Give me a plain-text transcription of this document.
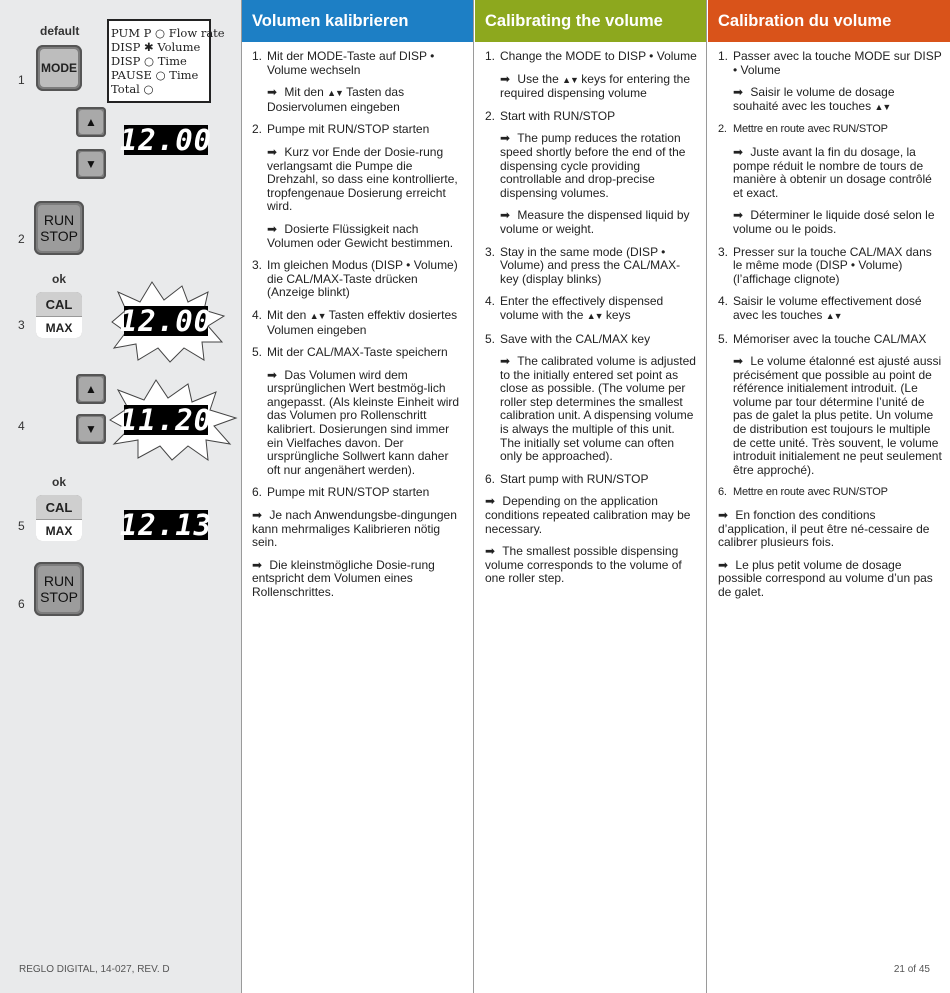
default
1
MODE
PUM P ○ Flow rate
DISP ✱ Volume
DISP ○ Time
PAUSE ○ Time
Total ○
▲
▼
12.00
2
RUN
STOP
ok
3
CAL
MAX	12.00
4
▲
▼ 11.20
ok
5
CAL
MAX	12.13
6
RUN
STOP
REGLO DIGITAL, 14-027, REV. D
Volumen kalibrieren
1. Mit der MODE-Taste auf DISP • Volume wechseln
➡ Mit den ▲▼ Tasten das Dosiervolumen eingeben
2. Pumpe mit RUN/STOP starten
➡ Kurz vor Ende der Dosie-rung verlangsamt die Pumpe die Drehzahl, so dass eine kontrollierte, tropfengenaue Dosierung erreicht wird.
➡ Dosierte Flüssigkeit nach Volumen oder Gewicht bestimmen.
3. Im gleichen Modus (DISP • Volume) die CAL/MAX-Taste drücken (Anzeige blinkt)
4. Mit den ▲▼ Tasten effektiv dosiertes Volumen eingeben
5. Mit der CAL/MAX-Taste speichern
➡ Das Volumen wird dem ursprünglichen Wert bestmög-lich angepasst. (Als kleinste Einheit wird das Volumen pro Rollenschritt kalibriert. Dosierungen sind immer ein Vielfaches davon. Der ursprüngliche Sollwert kann daher oft nur angenähert werden).
6. Pumpe mit RUN/STOP starten
➡ Je nach Anwendungsbe-dingungen kann mehrmaliges Kalibrieren nötig sein.
➡ Die kleinstmögliche Dosie-rung entspricht dem Volumen eines Rollenschrittes.
Calibrating the volume
1. Change the MODE to DISP • Volume
➡ Use the ▲▼ keys for entering the required dispensing volume
2. Start with RUN/STOP
➡ The pump reduces the rotation speed shortly before the end of the dispensing cycle providing controllable and drop-precise dispensing volumes.
➡ Measure the dispensed liquid by volume or weight.
3. Stay in the same mode (DISP • Volume) and press the CAL/MAX-key (display blinks)
4. Enter the effectively dispensed volume with the ▲▼ keys
5. Save with the CAL/MAX key
➡ The calibrated volume is adjusted to the initially entered set point as close as possible. (The volume per roller step determines the smallest calibration unit. A dispensing volume is always the multiple of this unit. The initially set volume can often only be approached).
6. Start pump with RUN/STOP
➡ Depending on the application conditions repeated calibration may be necessary.
➡ The smallest possible dispensing volume corresponds to the volume of one roller step.
Calibration du volume
1. Passer avec la touche MODE sur DISP • Volume
➡ Saisir le volume de dosage souhaité avec les touches ▲▼
2. Mettre en route avec RUN/STOP
➡ Juste avant la fin du dosage, la pompe réduit le nombre de tours de manière à obtenir un dosage contrôlé et exact.
➡ Déterminer le liquide dosé selon le volume ou le poids.
3. Presser sur la touche CAL/MAX dans le même mode (DISP • Volume) (l’affichage clignote)
4. Saisir le volume effectivement dosé avec les touches ▲▼
5. Mémoriser avec la touche CAL/MAX
➡ Le volume étalonné est ajusté aussi précisément que possible au point de référence initialement introduit. (Le volume par tour détermine l’unité de pas de galet la plus petite. Un volume de distribution est toujours le multiple de cette unité. Très souvent, le volume introduit initialement ne peut seulement être approché).
6. Mettre en route avec RUN/STOP
➡ En fonction des conditions d’application, il peut être né-cessaire de calibrer plusieurs fois.
➡ Le plus petit volume de dosage possible correspond au volume d’un pas de galet.
21 of 45
